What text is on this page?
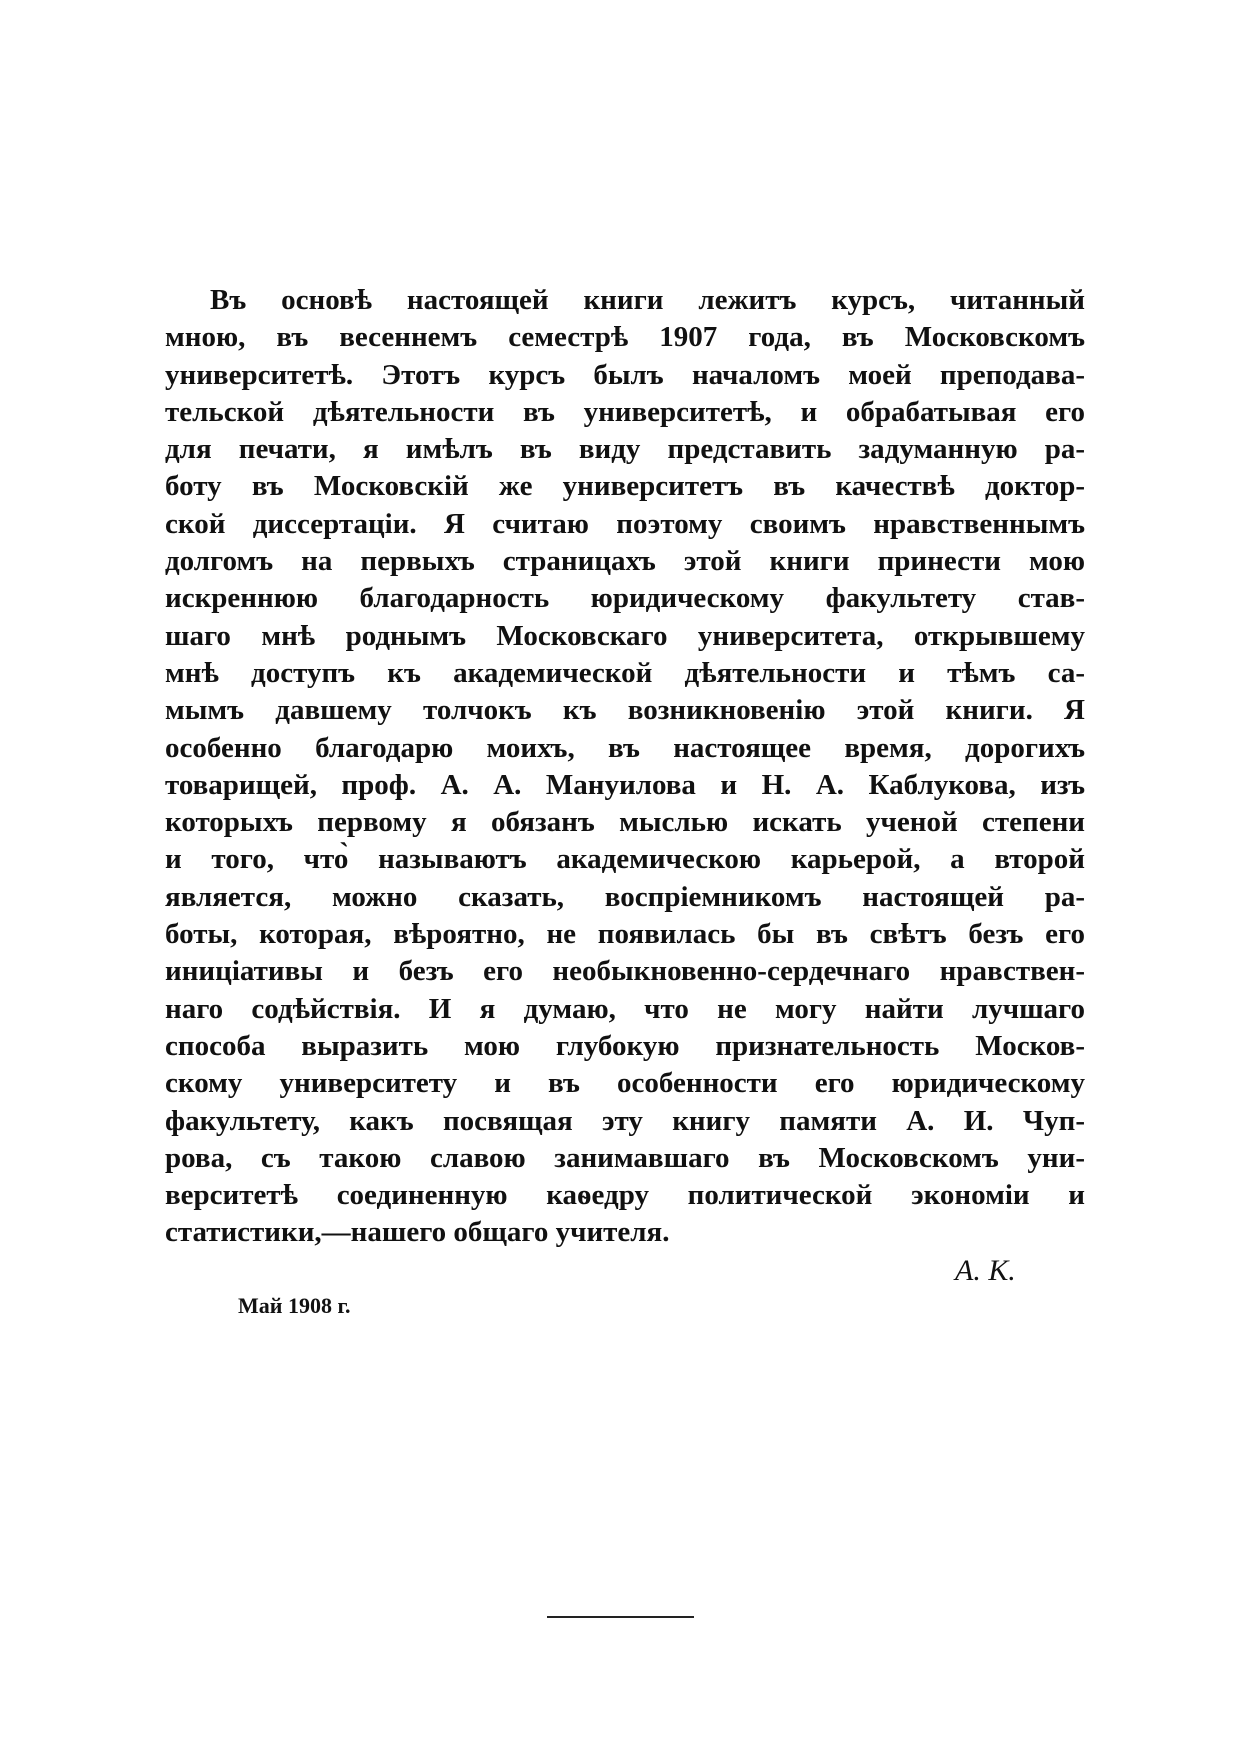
Въ основѣ настоящей книги лежитъ курсъ, читанный
мною, въ весеннемъ семестрѣ 1907 года, въ Московскомъ
университетѣ. Этотъ курсъ былъ началомъ моей преподава-
тельской дѣятельности въ университетѣ, и обрабатывая его
для печати, я имѣлъ въ виду представить задуманную ра-
боту въ Московскій же университетъ въ качествѣ доктор-
ской диссертаціи. Я считаю поэтому своимъ нравственнымъ
долгомъ на первыхъ страницахъ этой книги принести мою
искреннюю благодарность юридическому факультету став-
шаго мнѣ роднымъ Московскаго университета, открывшему
мнѣ доступъ къ академической дѣятельности и тѣмъ са-
мымъ давшему толчокъ къ возникновенію этой книги. Я
особенно благодарю моихъ, въ настоящее время, дорогихъ
товарищей, проф. А. А. Мануилова и Н. А. Каблукова, изъ
которыхъ первому я обязанъ мыслью искать ученой степени
и того, что̀ называютъ академическою карьерой, а второй
является, можно сказать, воспріемникомъ настоящей ра-
боты, которая, вѣроятно, не появилась бы въ свѣтъ безъ его
иниціативы и безъ его необыкновенно-сердечнаго нравствен-
наго содѣйствія. И я думаю, что не могу найти лучшаго
способа выразить мою глубокую признательность Москов-
скому университету и въ особенности его юридическому
факультету, какъ посвящая эту книгу памяти А. И. Чуп-
рова, съ такою славою занимавшаго въ Московскомъ уни-
верситетѣ соединенную каѳедру политической экономіи и
статистики,—нашего общаго учителя.
А. К.
Май 1908 г.
